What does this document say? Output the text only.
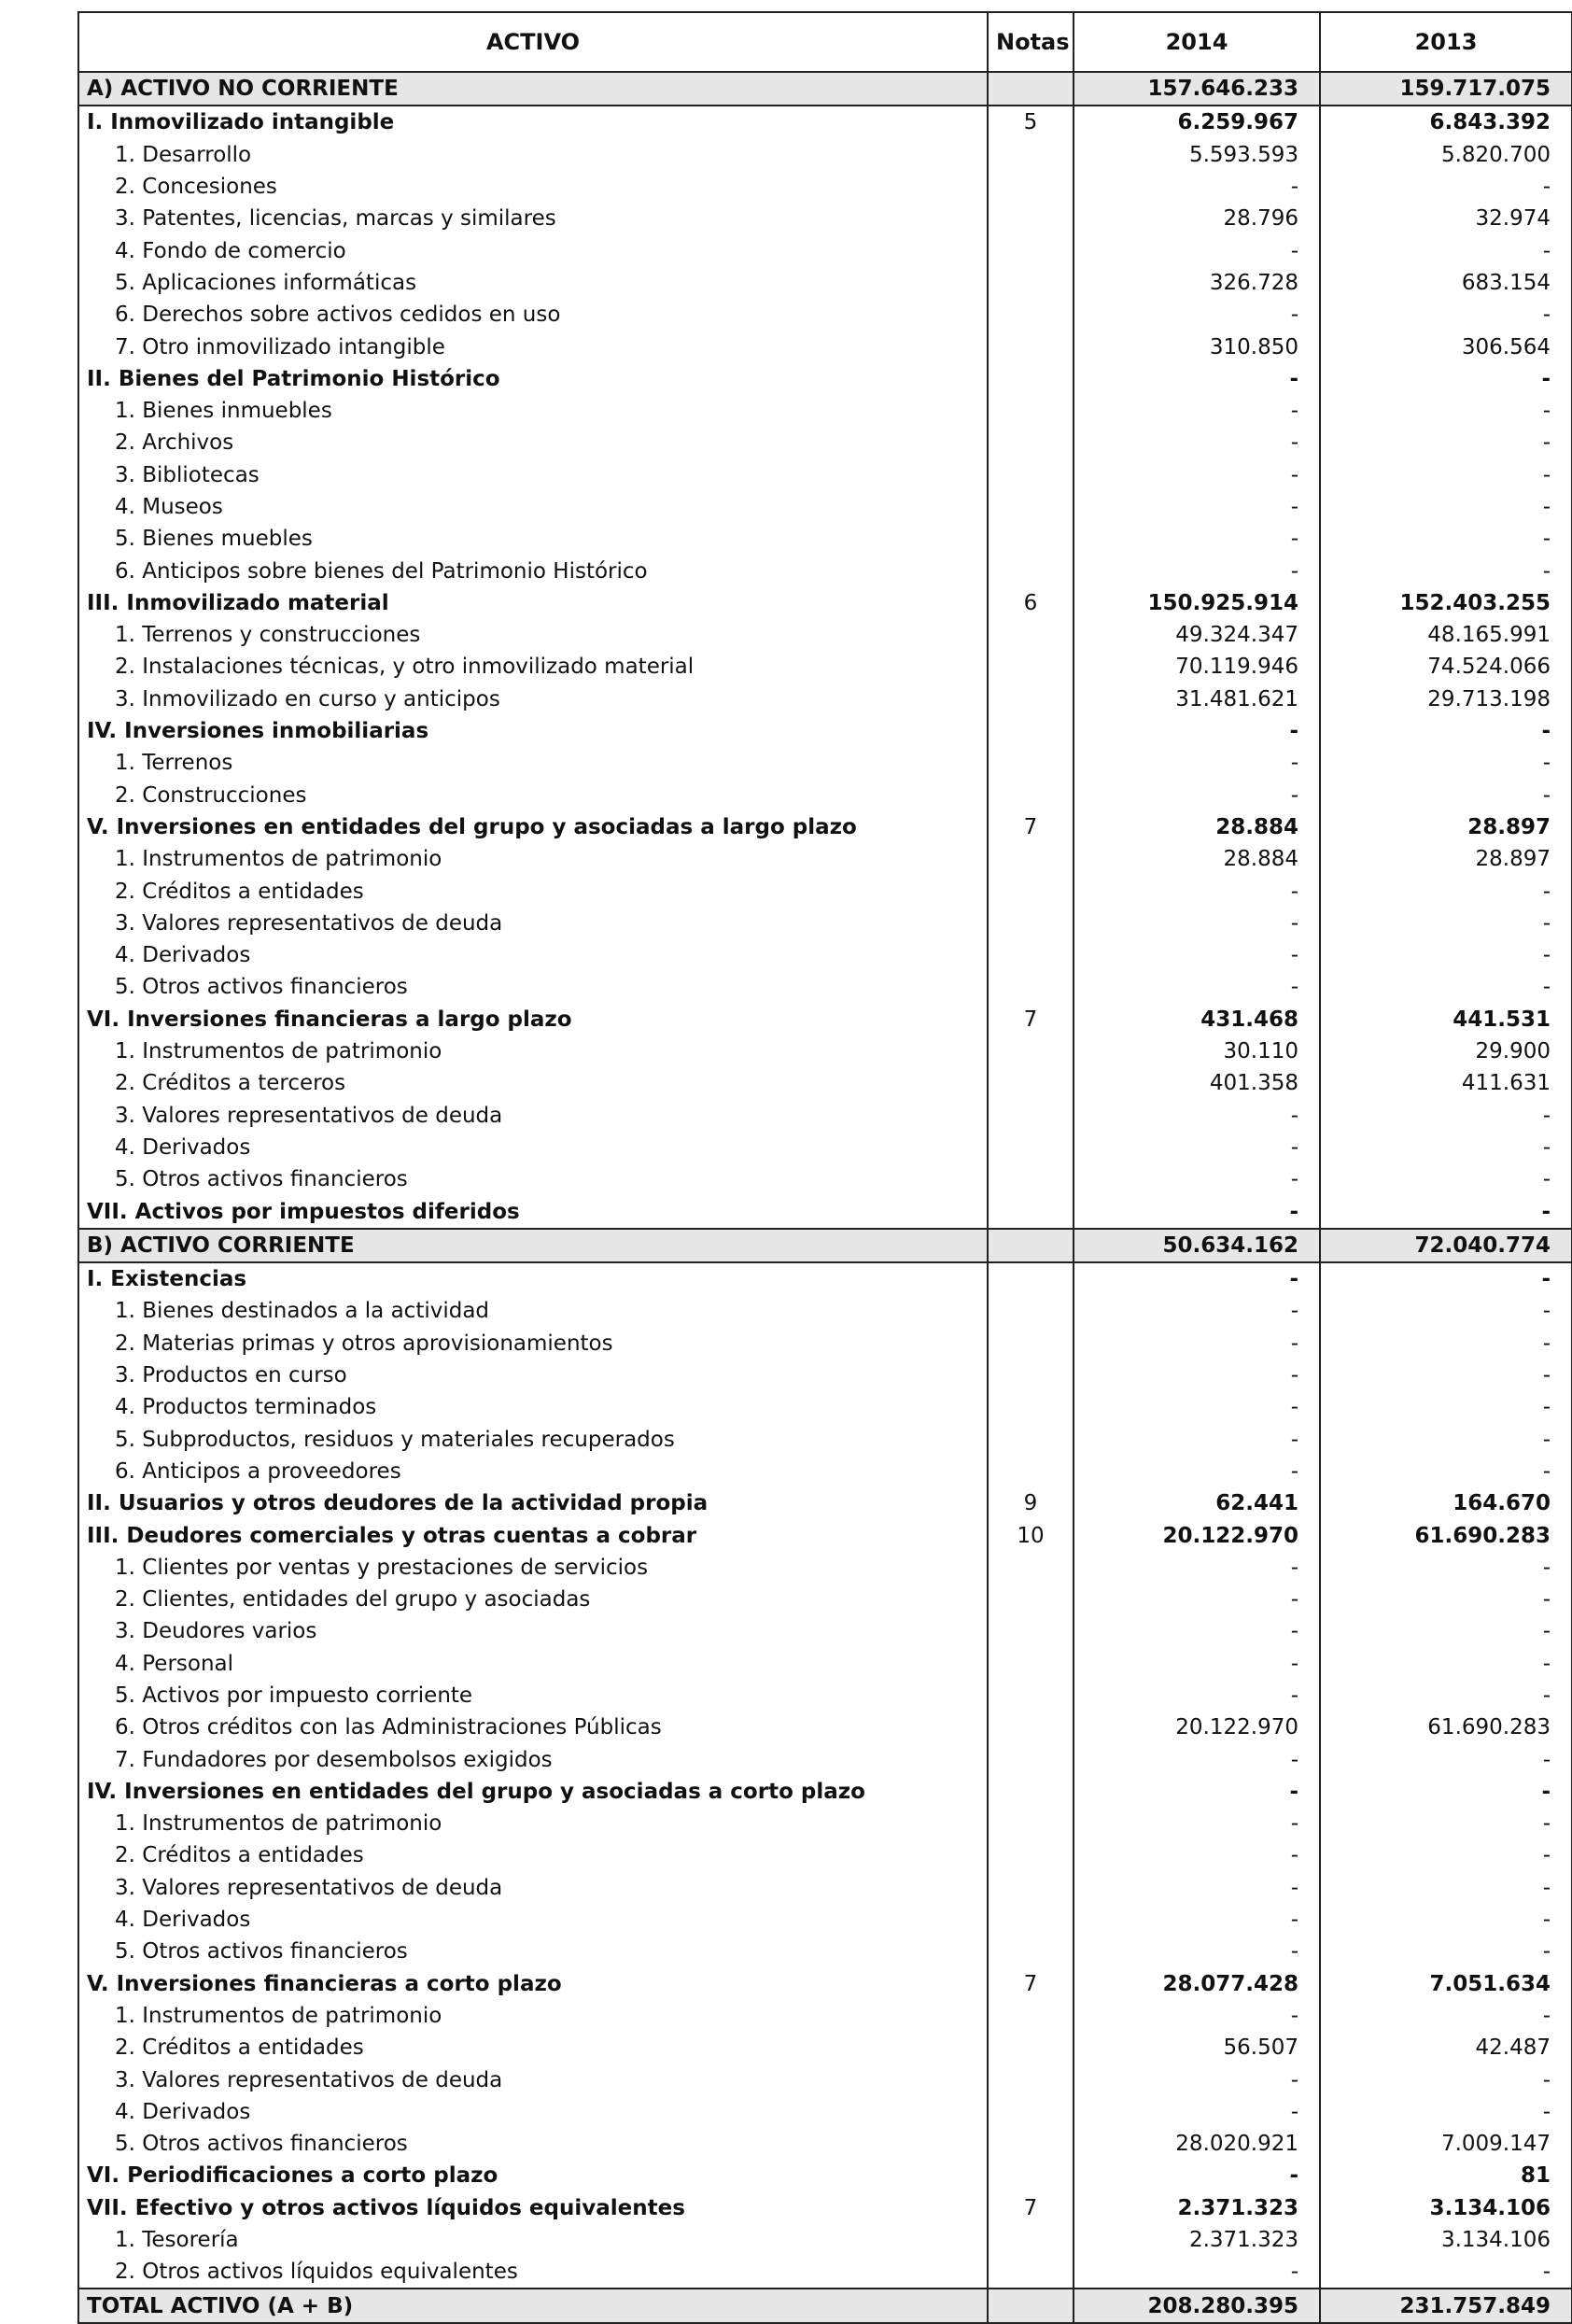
ACTIVO	Notas	2014	2013
A) ACTIVO NO CORRIENTE		157.646.233	159.717.075
I. Inmovilizado intangible	5	6.259.967	6.843.392
1. Desarrollo		5.593.593	5.820.700
2. Concesiones		-	-
3. Patentes, licencias, marcas y similares		28.796	32.974
4. Fondo de comercio		-	-
5. Aplicaciones informáticas		326.728	683.154
6. Derechos sobre activos cedidos en uso		-	-
7. Otro inmovilizado intangible		310.850	306.564
II. Bienes del Patrimonio Histórico		-	-
1. Bienes inmuebles		-	-
2. Archivos		-	-
3. Bibliotecas		-	-
4. Museos		-	-
5. Bienes muebles		-	-
6. Anticipos sobre bienes del Patrimonio Histórico		-	-
III. Inmovilizado material	6	150.925.914	152.403.255
1. Terrenos y construcciones		49.324.347	48.165.991
2. Instalaciones técnicas, y otro inmovilizado material		70.119.946	74.524.066
3. Inmovilizado en curso y anticipos		31.481.621	29.713.198
IV. Inversiones inmobiliarias		-	-
1. Terrenos		-	-
2. Construcciones		-	-
V. Inversiones en entidades del grupo y asociadas a largo plazo	7	28.884	28.897
1. Instrumentos de patrimonio		28.884	28.897
2. Créditos a entidades		-	-
3. Valores representativos de deuda		-	-
4. Derivados		-	-
5. Otros activos financieros		-	-
VI. Inversiones financieras a largo plazo	7	431.468	441.531
1. Instrumentos de patrimonio		30.110	29.900
2. Créditos a terceros		401.358	411.631
3. Valores representativos de deuda		-	-
4. Derivados		-	-
5. Otros activos financieros		-	-
VII. Activos por impuestos diferidos		-	-
B) ACTIVO CORRIENTE		50.634.162	72.040.774
I. Existencias		-	-
1. Bienes destinados a la actividad		-	-
2. Materias primas y otros aprovisionamientos		-	-
3. Productos en curso		-	-
4. Productos terminados		-	-
5. Subproductos, residuos y materiales recuperados		-	-
6. Anticipos a proveedores		-	-
II. Usuarios y otros deudores de la actividad propia	9	62.441	164.670
III. Deudores comerciales y otras cuentas a cobrar	10	20.122.970	61.690.283
1. Clientes por ventas y prestaciones de servicios		-	-
2. Clientes, entidades del grupo y asociadas		-	-
3. Deudores varios		-	-
4. Personal		-	-
5. Activos por impuesto corriente		-	-
6. Otros créditos con las Administraciones Públicas		20.122.970	61.690.283
7. Fundadores por desembolsos exigidos		-	-
IV. Inversiones en entidades del grupo y asociadas a corto plazo		-	-
1. Instrumentos de patrimonio		-	-
2. Créditos a entidades		-	-
3. Valores representativos de deuda		-	-
4. Derivados		-	-
5. Otros activos financieros		-	-
V. Inversiones financieras a corto plazo	7	28.077.428	7.051.634
1. Instrumentos de patrimonio		-	-
2. Créditos a entidades		56.507	42.487
3. Valores representativos de deuda		-	-
4. Derivados		-	-
5. Otros activos financieros		28.020.921	7.009.147
VI. Periodificaciones a corto plazo		-	81
VII. Efectivo y otros activos líquidos equivalentes	7	2.371.323	3.134.106
1. Tesorería		2.371.323	3.134.106
2. Otros activos líquidos equivalentes		-	-
TOTAL ACTIVO (A + B)		208.280.395	231.757.849
